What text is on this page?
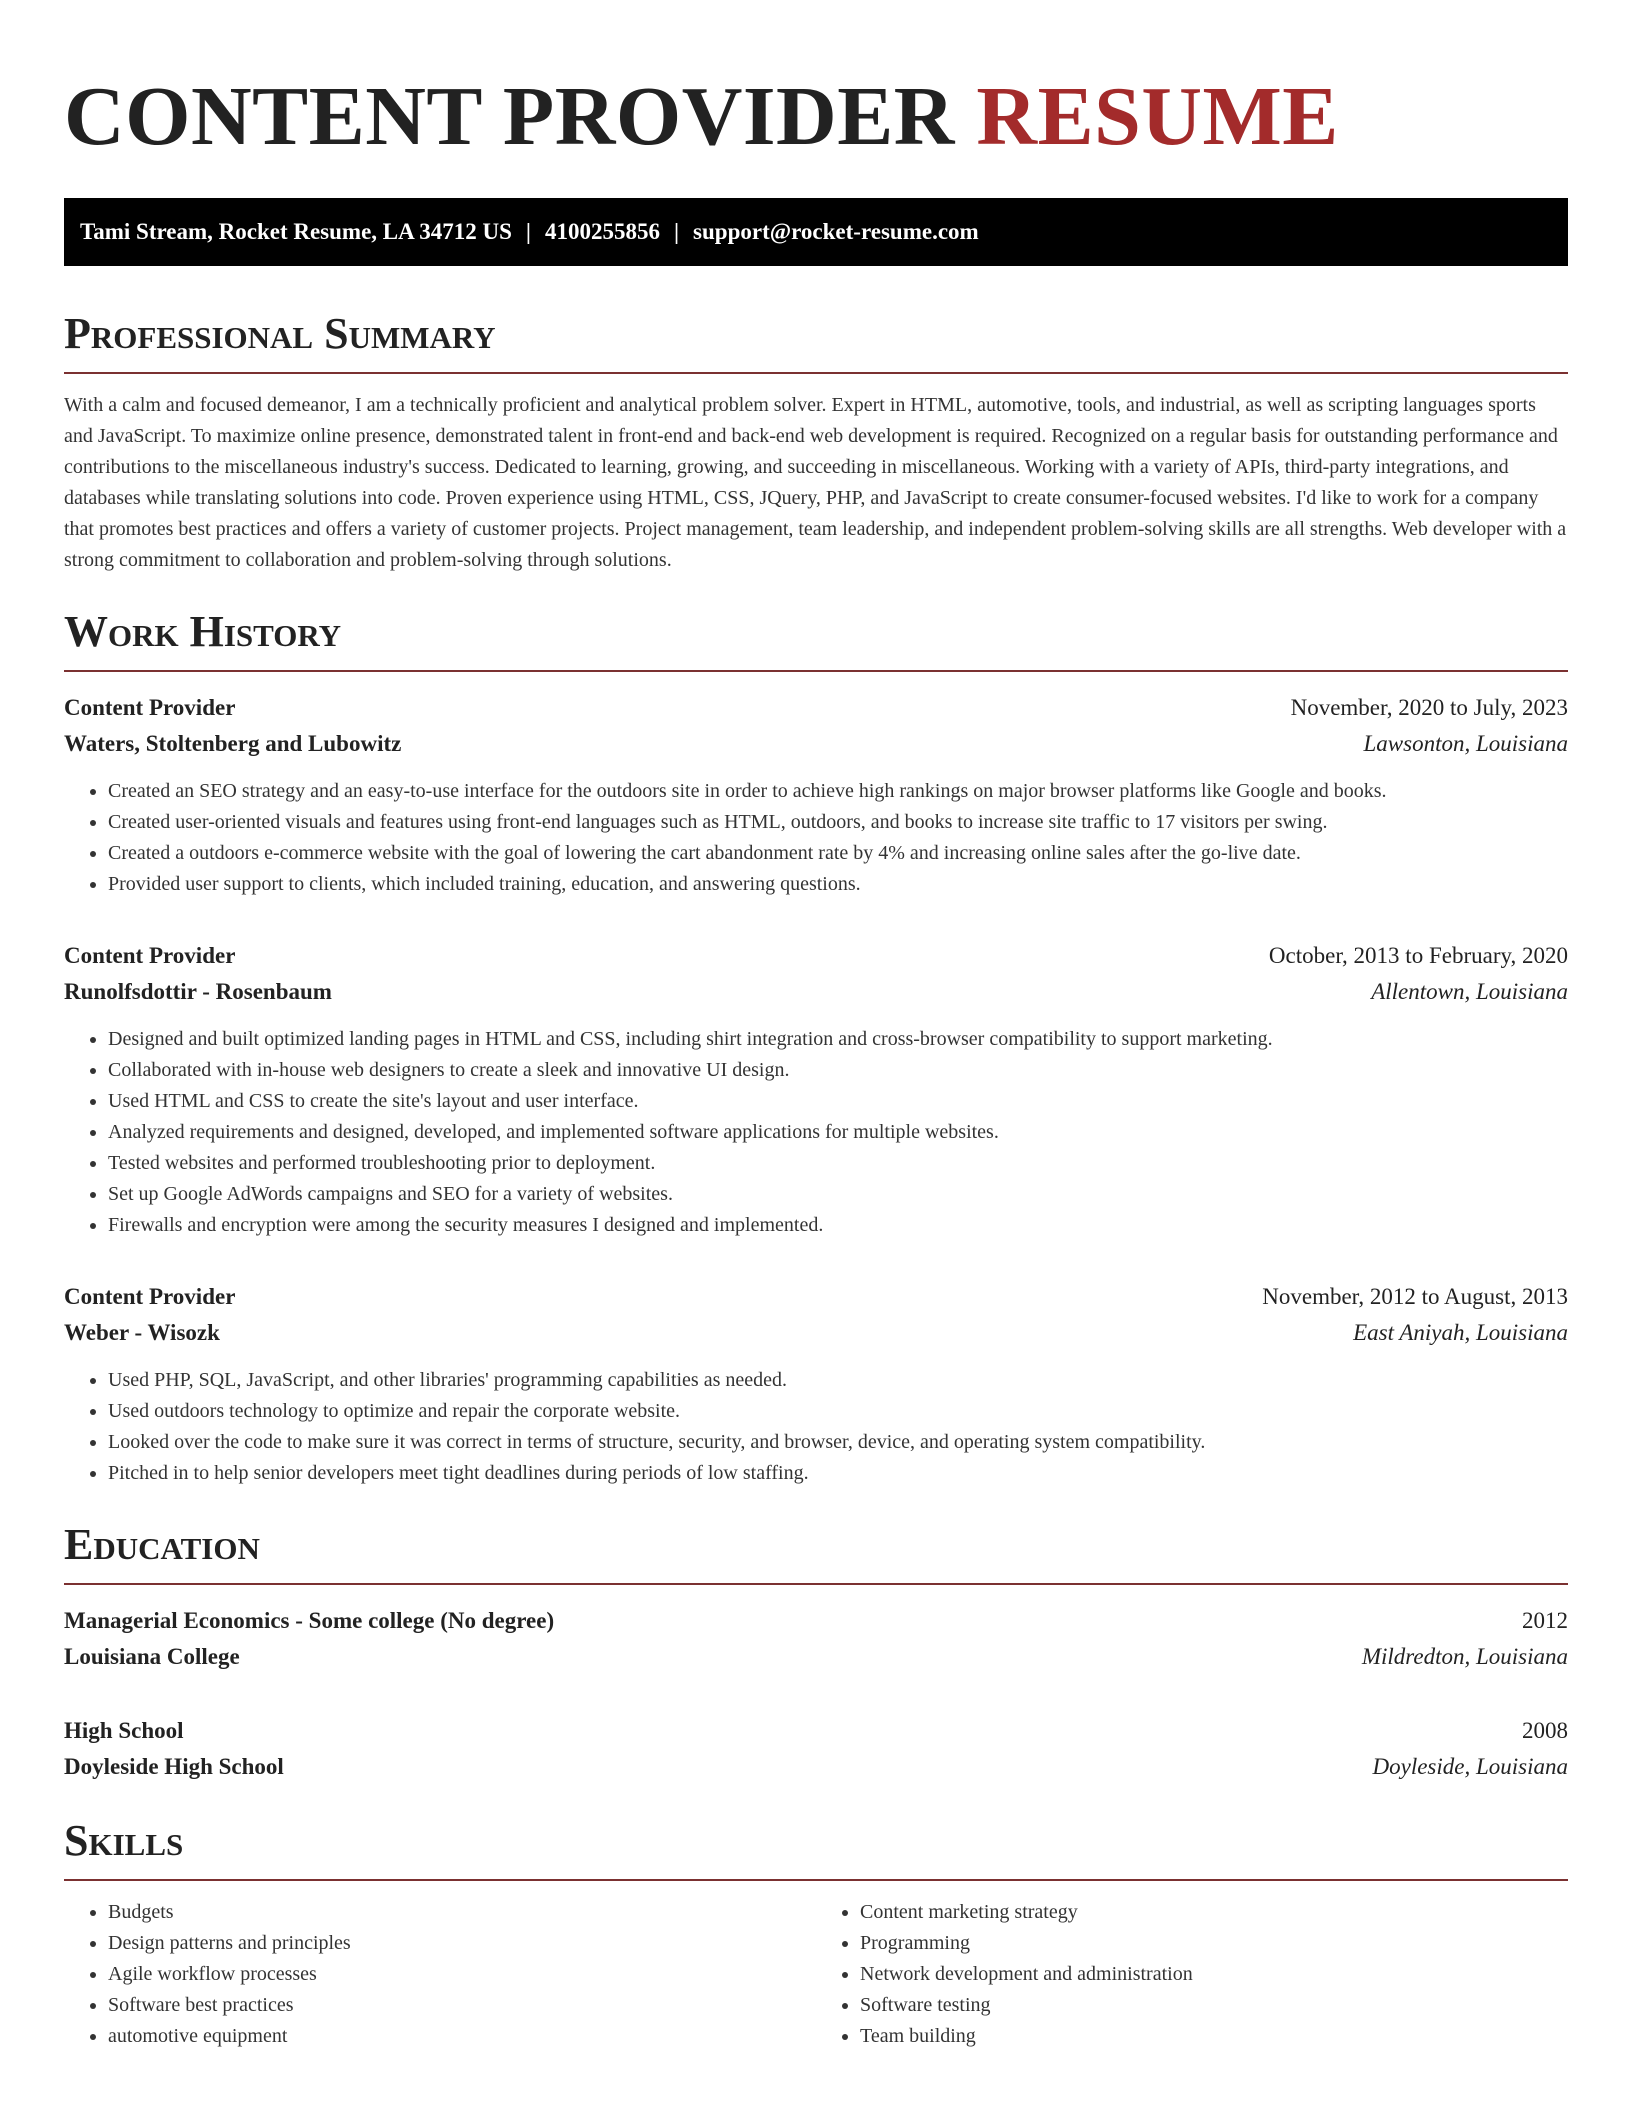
CONTENT PROVIDER RESUME
Tami Stream, Rocket Resume, LA 34712 US | 4100255856 | support@rocket-resume.com
Professional Summary

With a calm and focused demeanor, I am a technically proficient and analytical problem solver. Expert in HTML, automotive, tools, and industrial, as well as scripting languages sports and JavaScript. To maximize online presence, demonstrated talent in front-end and back-end web development is required. Recognized on a regular basis for outstanding performance and contributions to the miscellaneous industry's success. Dedicated to learning, growing, and succeeding in miscellaneous. Working with a variety of APIs, third-party integrations, and databases while translating solutions into code. Proven experience using HTML, CSS, JQuery, PHP, and JavaScript to create consumer-focused websites. I'd like to work for a company that promotes best practices and offers a variety of customer projects. Project management, team leadership, and independent problem-solving skills are all strengths. Web developer with a strong commitment to collaboration and problem-solving through solutions.

Work History
Content Provider	November, 2020 to July, 2023
Waters, Stoltenberg and Lubowitz	Lawsonton, Louisiana
• Created an SEO strategy and an easy-to-use interface for the outdoors site in order to achieve high rankings on major browser platforms like Google and books.
• Created user-oriented visuals and features using front-end languages such as HTML, outdoors, and books to increase site traffic to 17 visitors per swing.
• Created a outdoors e-commerce website with the goal of lowering the cart abandonment rate by 4% and increasing online sales after the go-live date.
• Provided user support to clients, which included training, education, and answering questions.
Content Provider	October, 2013 to February, 2020
Runolfsdottir - Rosenbaum	Allentown, Louisiana
• Designed and built optimized landing pages in HTML and CSS, including shirt integration and cross-browser compatibility to support marketing.
• Collaborated with in-house web designers to create a sleek and innovative UI design.
• Used HTML and CSS to create the site's layout and user interface.
• Analyzed requirements and designed, developed, and implemented software applications for multiple websites.
• Tested websites and performed troubleshooting prior to deployment.
• Set up Google AdWords campaigns and SEO for a variety of websites.
• Firewalls and encryption were among the security measures I designed and implemented.
Content Provider	November, 2012 to August, 2013
Weber - Wisozk	East Aniyah, Louisiana
• Used PHP, SQL, JavaScript, and other libraries' programming capabilities as needed.
• Used outdoors technology to optimize and repair the corporate website.
• Looked over the code to make sure it was correct in terms of structure, security, and browser, device, and operating system compatibility.
• Pitched in to help senior developers meet tight deadlines during periods of low staffing.
Education
Managerial Economics - Some college (No degree)	2012
Louisiana College	Mildredton, Louisiana
High School	2008
Doyleside High School	Doyleside, Louisiana
Skills
• Budgets
• Design patterns and principles
• Agile workflow processes
• Software best practices
• automotive equipment
• Content marketing strategy
• Programming
• Network development and administration
• Software testing
• Team building
